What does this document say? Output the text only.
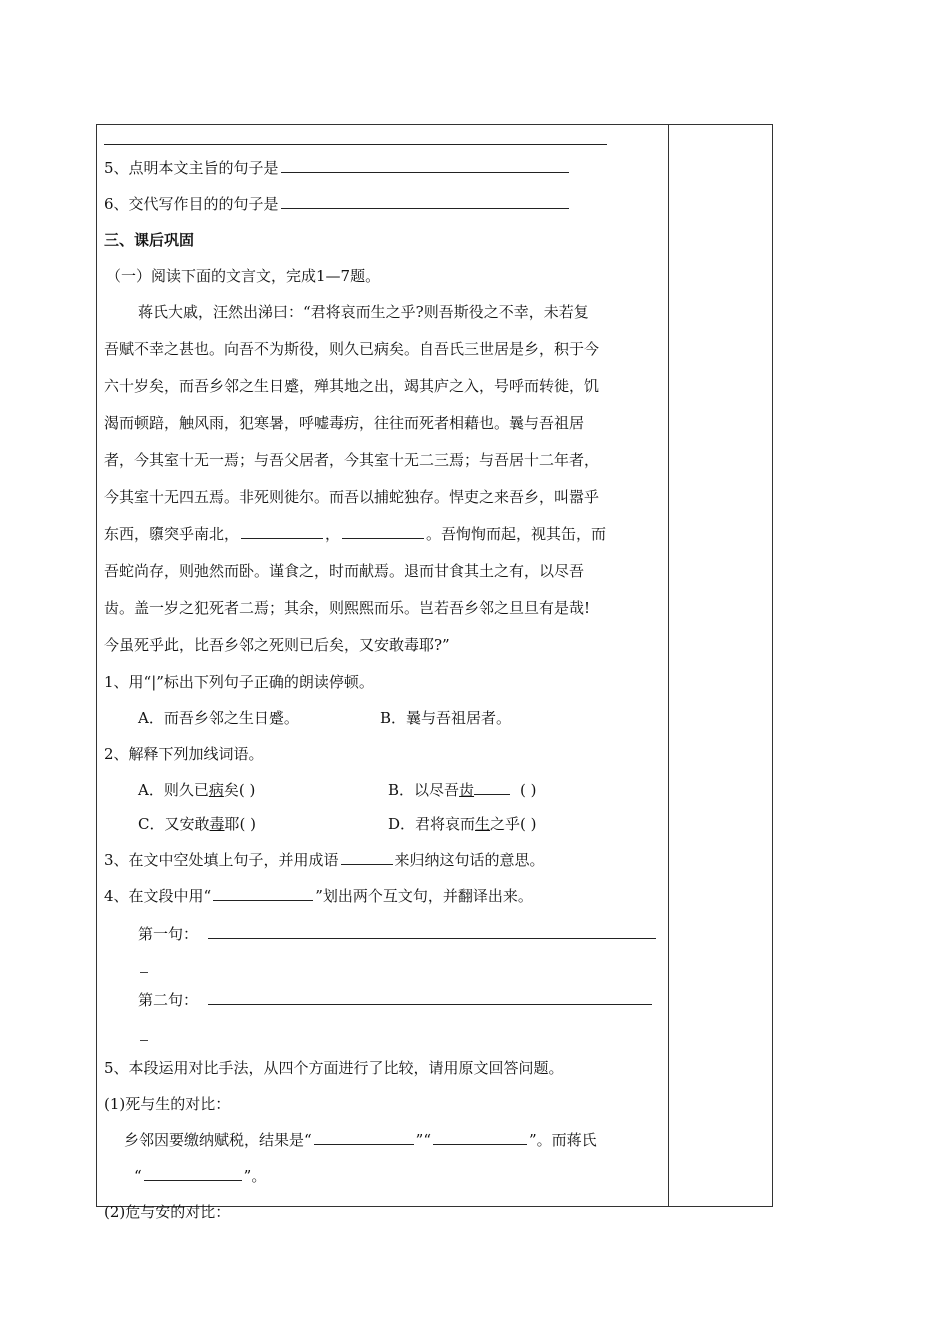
5、点明本文主旨的句子是
6、交代写作目的的句子是
三、课后巩固
（一）阅读下面的文言文，完成1—7题。
蒋氏大戚，汪然出涕曰：“君将哀而生之乎?则吾斯役之不幸，未若复
吾赋不幸之甚也。向吾不为斯役，则久已病矣。自吾氏三世居是乡，积于今
六十岁矣，而吾乡邻之生日蹙，殚其地之出，竭其庐之入，号呼而转徙，饥
渴而顿踣，触风雨，犯寒暑，呼嘘毒疠，往往而死者相藉也。曩与吾祖居
者，今其室十无一焉；与吾父居者，今其室十无二三焉；与吾居十二年者，
今其室十无四五焉。非死则徙尔。而吾以捕蛇独存。悍吏之来吾乡，叫嚣乎
东西，隳突乎南北，	，	。吾恂恂而起，视其缶，而
吾蛇尚存，则弛然而卧。谨食之，时而献焉。退而甘食其土之有，以尽吾
齿。盖一岁之犯死者二焉；其余，则熙熙而乐。岂若吾乡邻之旦旦有是哉!
今虽死乎此，比吾乡邻之死则已后矣，又安敢毒耶?”
1、用“|”标出下列句子正确的朗读停顿。
A．而吾乡邻之生日蹙。	B．曩与吾祖居者。
2、解释下列加线词语。
A．则久已病矣( )	B．以尽吾齿	( )
C．又安敢毒耶( )	D．君将哀而生之乎( )
3、在文中空处填上句子，并用成语	来归纳这句话的意思。
4、在文段中用“	”划出两个互文句，并翻译出来。
第一句：
第二句：
5、本段运用对比手法，从四个方面进行了比较，请用原文回答问题。
(1)死与生的对比：
乡邻因要缴纳赋税，结果是“	”“	”。而蒋氏
“	”。
(2)危与安的对比：
